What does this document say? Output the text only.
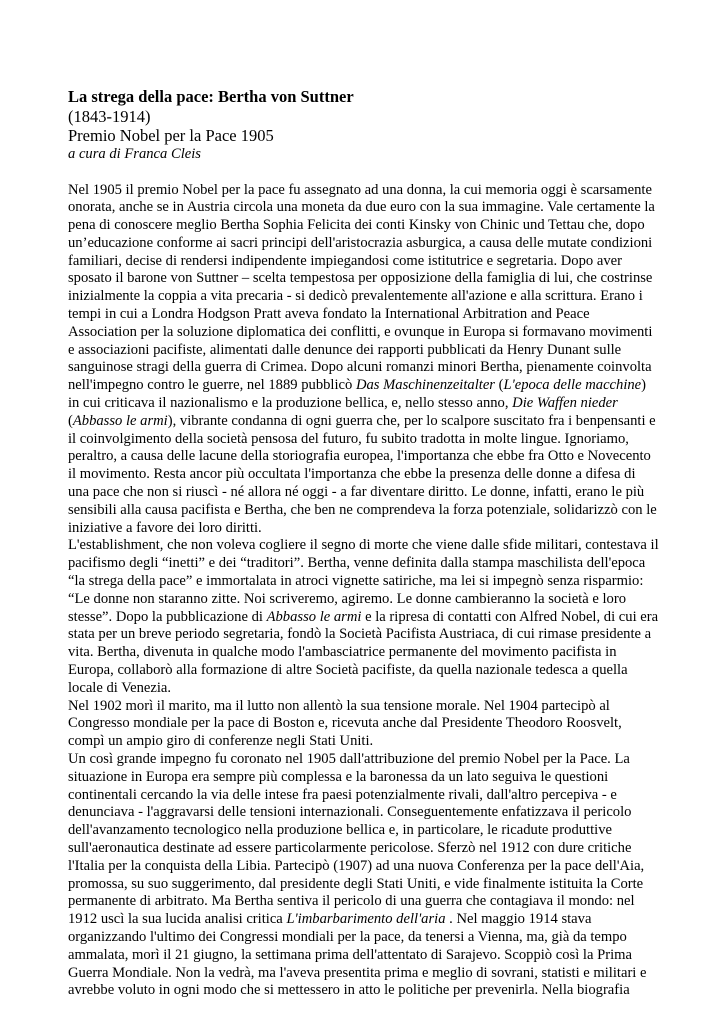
La strega della pace: Bertha von Suttner
(1843-1914)
Premio Nobel per la Pace 1905
a cura di Franca Cleis

Nel 1905 il premio Nobel per la pace fu assegnato ad una donna, la cui memoria oggi è scarsamente onorata, anche se in Austria circola una moneta da due euro con la sua immagine. Vale certamente la pena di conoscere meglio Bertha Sophia Felicita dei conti Kinsky von Chinic und Tettau che, dopo un’educazione conforme ai sacri principi dell'aristocrazia asburgica, a causa delle mutate condizioni familiari, decise di rendersi indipendente impiegandosi come istitutrice e segretaria. Dopo aver sposato il barone von Suttner – scelta tempestosa per opposizione della famiglia di lui, che costrinse inizialmente la coppia a vita precaria - si dedicò prevalentemente all'azione e alla scrittura. Erano i tempi in cui a Londra Hodgson Pratt aveva fondato la International Arbitration and Peace Association per la soluzione diplomatica dei conflitti, e ovunque in Europa si formavano movimenti e associazioni pacifiste, alimentati dalle denunce dei rapporti pubblicati da Henry Dunant sulle sanguinose stragi della guerra di Crimea. Dopo alcuni romanzi minori Bertha, pienamente coinvolta nell'impegno contro le guerre, nel 1889 pubblicò Das Maschinenzeitalter (L'epoca delle macchine) in cui criticava il nazionalismo e la produzione bellica, e, nello stesso anno, Die Waffen nieder (Abbasso le armi), vibrante condanna di ogni guerra che, per lo scalpore suscitato fra i benpensanti e il coinvolgimento della società pensosa del futuro, fu subito tradotta in molte lingue. Ignoriamo, peraltro, a causa delle lacune della storiografia europea, l'importanza che ebbe fra Otto e Novecento il movimento. Resta ancor più occultata l'importanza che ebbe la presenza delle donne a difesa di una pace che non si riuscì - né allora né oggi - a far diventare diritto. Le donne, infatti, erano le più sensibili alla causa pacifista e Bertha, che ben ne comprendeva la forza potenziale, solidarizzò con le iniziative a favore dei loro diritti.

L'establishment, che non voleva cogliere il segno di morte che viene dalle sfide militari, contestava il pacifismo degli “inetti” e dei “traditori”. Bertha, venne definita dalla stampa maschilista dell'epoca “la strega della pace” e immortalata in atroci vignette satiriche, ma lei si impegnò senza risparmio: “Le donne non staranno zitte. Noi scriveremo, agiremo. Le donne cambieranno la società e loro stesse”. Dopo la pubblicazione di Abbasso le armi e la ripresa di contatti con Alfred Nobel, di cui era stata per un breve periodo segretaria, fondò la Società Pacifista Austriaca, di cui rimase presidente a vita. Bertha, divenuta in qualche modo l'ambasciatrice permanente del movimento pacifista in Europa, collaborò alla formazione di altre Società pacifiste, da quella nazionale tedesca a quella locale di Venezia.

Nel 1902 morì il marito, ma il lutto non allentò la sua tensione morale. Nel 1904 partecipò al Congresso mondiale per la pace di Boston e, ricevuta anche dal Presidente Theodoro Roosvelt, compì un ampio giro di conferenze negli Stati Uniti.

Un così grande impegno fu coronato nel 1905 dall'attribuzione del premio Nobel per la Pace. La situazione in Europa era sempre più complessa e la baronessa da un lato seguiva le questioni continentali cercando la via delle intese fra paesi potenzialmente rivali, dall'altro percepiva - e denunciava - l'aggravarsi delle tensioni internazionali. Conseguentemente enfatizzava il pericolo dell'avanzamento tecnologico nella produzione bellica e, in particolare, le ricadute produttive sull'aeronautica destinate ad essere particolarmente pericolose. Sferzò nel 1912 con dure critiche l'Italia per la conquista della Libia. Partecipò (1907) ad una nuova Conferenza per la pace dell'Aia, promossa, su suo suggerimento, dal presidente degli Stati Uniti, e vide finalmente istituita la Corte permanente di arbitrato. Ma Bertha sentiva il pericolo di una guerra che contagiava il mondo: nel 1912 uscì la sua lucida analisi critica L'imbarbarimento dell'aria . Nel maggio 1914 stava organizzando l'ultimo dei Congressi mondiali per la pace, da tenersi a Vienna, ma, già da tempo ammalata, morì il 21 giugno, la settimana prima dell'attentato di Sarajevo. Scoppiò così la Prima Guerra Mondiale. Non la vedrà, ma l'aveva presentita prima e meglio di sovrani, statisti e militari e avrebbe voluto in ogni modo che si mettessero in atto le politiche per prevenirla. Nella biografia
